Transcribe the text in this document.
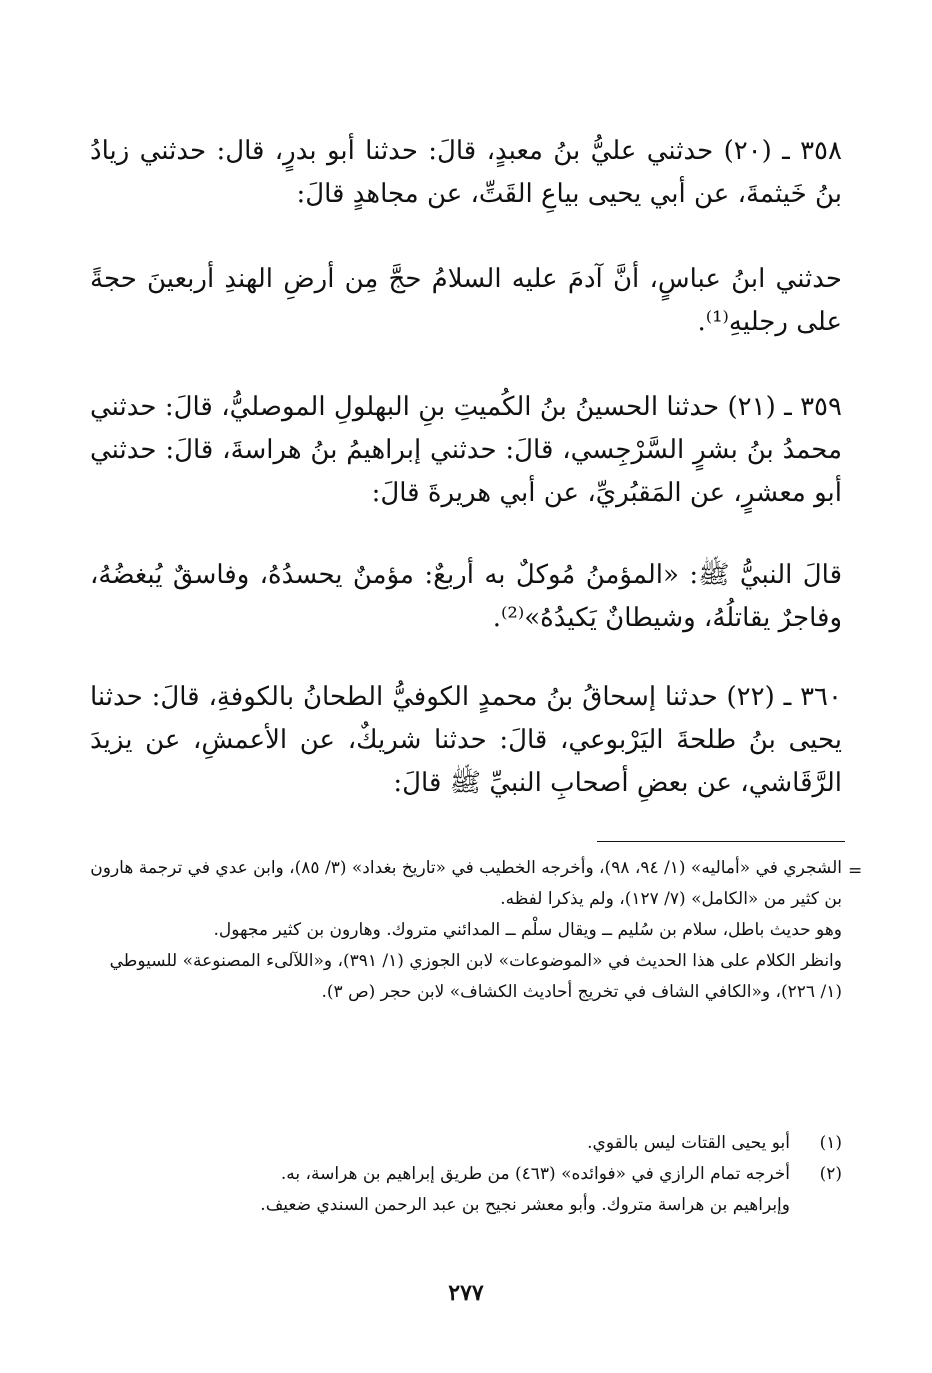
٣٥٨ ـ (٢٠) حدثني عليُّ بنُ معبدٍ، قالَ: حدثنا أبو بدرٍ، قال: حدثني زيادُ بنُ خَيثمةَ، عن أبي يحيى بياعِ القَتِّ، عن مجاهدٍ قالَ:

حدثني ابنُ عباسٍ، أنَّ آدمَ عليه السلامُ حجَّ مِن أرضِ الهندِ أربعينَ حجةً على رجليهِ⁽¹⁾.

٣٥٩ ـ (٢١) حدثنا الحسينُ بنُ الكُميتِ بنِ البهلولِ الموصليُّ، قالَ: حدثني محمدُ بنُ بشرٍ السَّرْجِسي، قالَ: حدثني إبراهيمُ بنُ هراسةَ، قالَ: حدثني أبو معشرٍ، عن المَقبُريِّ، عن أبي هريرةَ قالَ:

قالَ النبيُّ ﷺ: «المؤمنُ مُوكلٌ به أربعٌ: مؤمنٌ يحسدُهُ، وفاسقٌ يُبغضُهُ، وفاجرٌ يقاتلُهُ، وشيطانٌ يَكيدُهُ»⁽²⁾.

٣٦٠ ـ (٢٢) حدثنا إسحاقُ بنُ محمدٍ الكوفيُّ الطحانُ بالكوفةِ، قالَ: حدثنا يحيى بنُ طلحةَ اليَرْبوعي، قالَ: حدثنا شريكٌ، عن الأعمشِ، عن يزيدَ الرَّقَاشي، عن بعضِ أصحابِ النبيِّ ﷺ قالَ:

=

الشجري في «أماليه» (١/ ٩٤، ٩٨)، وأخرجه الخطيب في «تاريخ بغداد» (٣/ ٨٥)، وابن عدي في ترجمة هارون بن كثير من «الكامل» (٧/ ١٢٧)، ولم يذكرا لفظه.

وهو حديث باطل، سلام بن سُليم ــ ويقال سلْم ــ المدائني متروك. وهارون بن كثير مجهول.

وانظر الكلام على هذا الحديث في «الموضوعات» لابن الجوزي (١/ ٣٩١)، و«اللآلىء المصنوعة» للسيوطي (١/ ٢٢٦)، و«الكافي الشاف في تخريج أحاديث الكشاف» لابن حجر (ص ٣).

(١)
أبو يحيى القتات ليس بالقوي.
(٢)
أخرجه تمام الرازي في «فوائده» (٤٦٣) من طريق إبراهيم بن هراسة، به.
وإبراهيم بن هراسة متروك. وأبو معشر نجيح بن عبد الرحمن السندي ضعيف.
٢٧٧
